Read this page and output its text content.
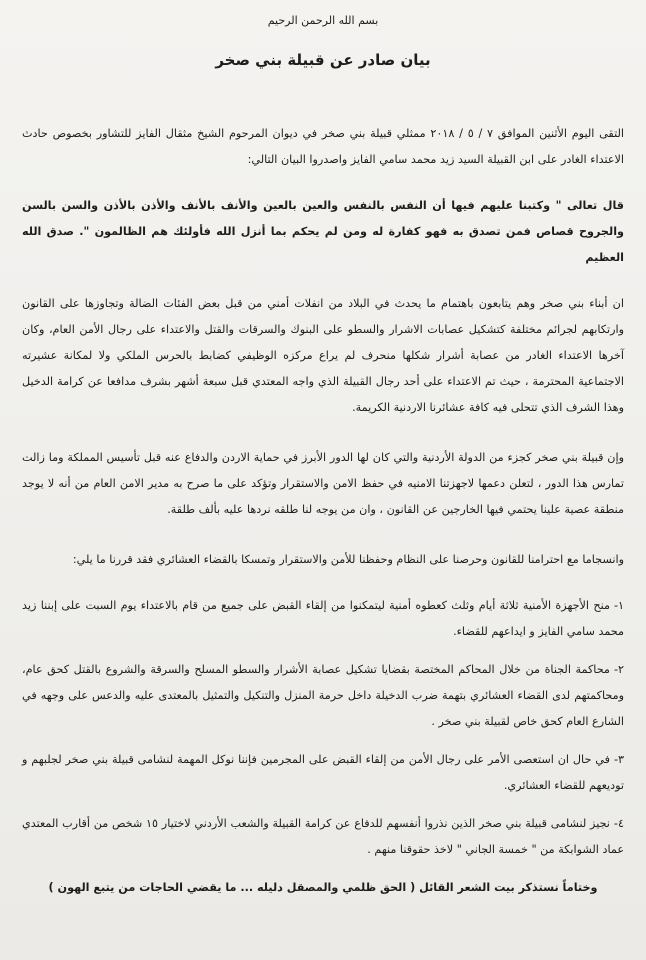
بسم الله الرحمن الرحيم

بيان صادر عن قبيلة بني صخر

التقى اليوم الأثنين الموافق ٧ / ٥ / ٢٠١٨ ممثلي قبيلة بني صخر في ديوان المرحوم الشيخ مثقال الفايز للتشاور بخصوص حادث الاعتداء الغادر على ابن القبيلة السيد زيد محمد سامي الفايز واصدروا البيان التالي:

قال تعالى " وكتبنا عليهم فيها أن النفس بالنفس والعين بالعين والأنف بالأنف والأذن بالأذن والسن بالسن والجروح قصاص فمن تصدق به فهو كفارة له ومن لم يحكم بما أنزل الله فأولئك هم الظالمون ". صدق الله العظيم

ان أبناء بني صخر وهم يتابعون باهتمام ما يحدث في البلاد من انفلات أمني من قبل بعض الفئات الضالة وتجاوزها على القانون وارتكابهم لجرائم مختلفة كتشكيل عصابات الاشرار والسطو على البنوك والسرقات والقتل والاعتداء على رجال الأمن العام، وكان آخرها الاعتداء الغادر من عصابة أشرار شكلها منحرف لم يراع مركزه الوظيفي كضابط بالحرس الملكي ولا لمكانة عشيرته الاجتماعية المحترمة ، حيث تم الاعتداء على أحد رجال القبيلة الذي واجه المعتدي قبل سبعة أشهر بشرف مدافعا عن كرامة الدخيل وهذا الشرف الذي تتحلى فيه كافة عشائرنا الاردنية الكريمة.

وإن قبيلة بني صخر كجزء من الدولة الأردنية والتي كان لها الدور الأبرز في حماية الاردن والدفاع عنه قبل تأسيس المملكة وما زالت تمارس هذا الدور ، لتعلن دعمها لاجهزتنا الامنيه في حفظ الامن والاستقرار وتؤكد على ما صرح به مدير الامن العام من أنه لا يوجد منطقة عصية علينا يحتمي فيها الخارجين عن القانون ، وان من يوجه لنا طلقه نردها عليه بألف طلقة.

وانسجاما مع احترامنا للقانون وحرصنا على النظام وحفظنا للأمن والاستقرار وتمسكا بالقضاء العشائري فقد قررنا ما يلي:

١-منح الأجهزة الأمنية ثلاثة أيام وثلث كعطوه أمنية ليتمكنوا من إلقاء القبض على جميع من قام بالاعتداء يوم السبت على إبننا زيد محمد سامي الفايز و ايداعهم للقضاء.
٢-محاكمة الجناة من خلال المحاكم المختصة بقضايا تشكيل عصابة الأشرار والسطو المسلح والسرقة والشروع بالقتل كحق عام، ومحاكمتهم لدى القضاء العشائري بتهمة ضرب الدخيلة داخل حرمة المنزل والتنكيل والتمثيل بالمعتدى عليه والدعس على وجهه في الشارع العام كحق خاص لقبيلة بني صخر .
٣-في حال ان استعصى الأمر على رجال الأمن من إلقاء القبض على المجرمين فإننا نوكل المهمة لنشامى قبيلة بني صخر لجلبهم و توديعهم للقضاء العشائري.
٤-نجيز لنشامى قبيلة بني صخر الذين نذروا أنفسهم للدفاع عن كرامة القبيلة والشعب الأردني لاختيار ١٥ شخص من أقارب المعتدي عماد الشوابكة من " خمسة الجاني " لاخذ حقوقنا منهم .

وختاماً نستذكر بيت الشعر القائل ( الحق ظلمي والمصقل دليله ... ما يقضي الحاجات من يتبع الهون )
